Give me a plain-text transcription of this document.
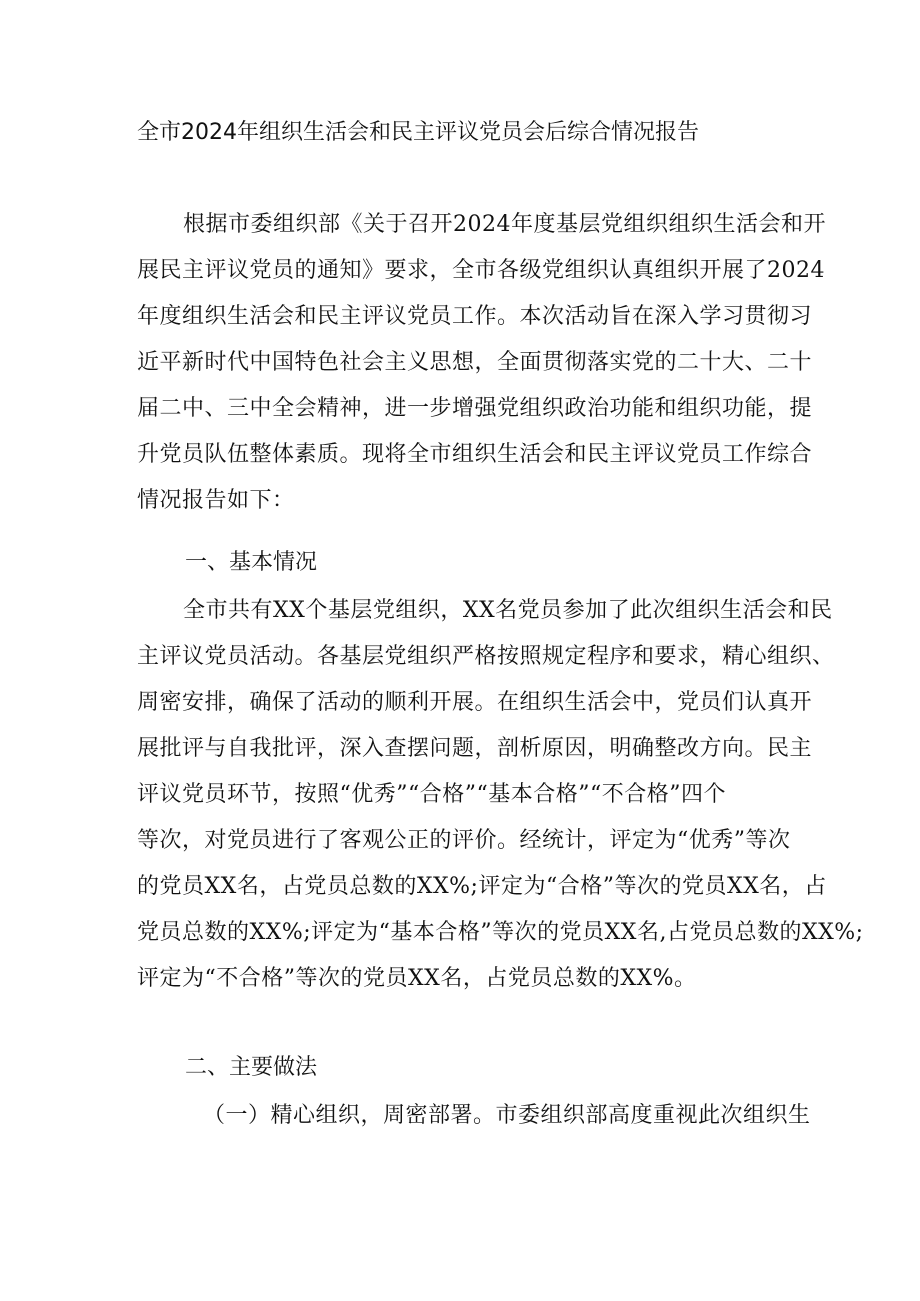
全市2024年组织生活会和民主评议党员会后综合情况报告
根据市委组织部《关于召开2024年度基层党组织组织生活会和开
展民主评议党员的通知》要求，全市各级党组织认真组织开展了2024
年度组织生活会和民主评议党员工作。本次活动旨在深入学习贯彻习
近平新时代中国特色社会主义思想，全面贯彻落实党的二十大、二十
届二中、三中全会精神，进一步增强党组织政治功能和组织功能，提
升党员队伍整体素质。现将全市组织生活会和民主评议党员工作综合
情况报告如下：
一、基本情况
全市共有XX个基层党组织，XX名党员参加了此次组织生活会和民
主评议党员活动。各基层党组织严格按照规定程序和要求，精心组织、
周密安排，确保了活动的顺利开展。在组织生活会中，党员们认真开
展批评与自我批评，深入查摆问题，剖析原因，明确整改方向。民主
评议党员环节，按照“优秀”“合格”“基本合格”“不合格”四个
等次，对党员进行了客观公正的评价。经统计，评定为“优秀”等次
的党员XX名，占党员总数的XX%;评定为“合格”等次的党员XX名，占
党员总数的XX%;评定为“基本合格”等次的党员XX名,占党员总数的XX%;
评定为“不合格”等次的党员XX名，占党员总数的XX%。
二、主要做法
（一）精心组织，周密部署。市委组织部高度重视此次组织生
